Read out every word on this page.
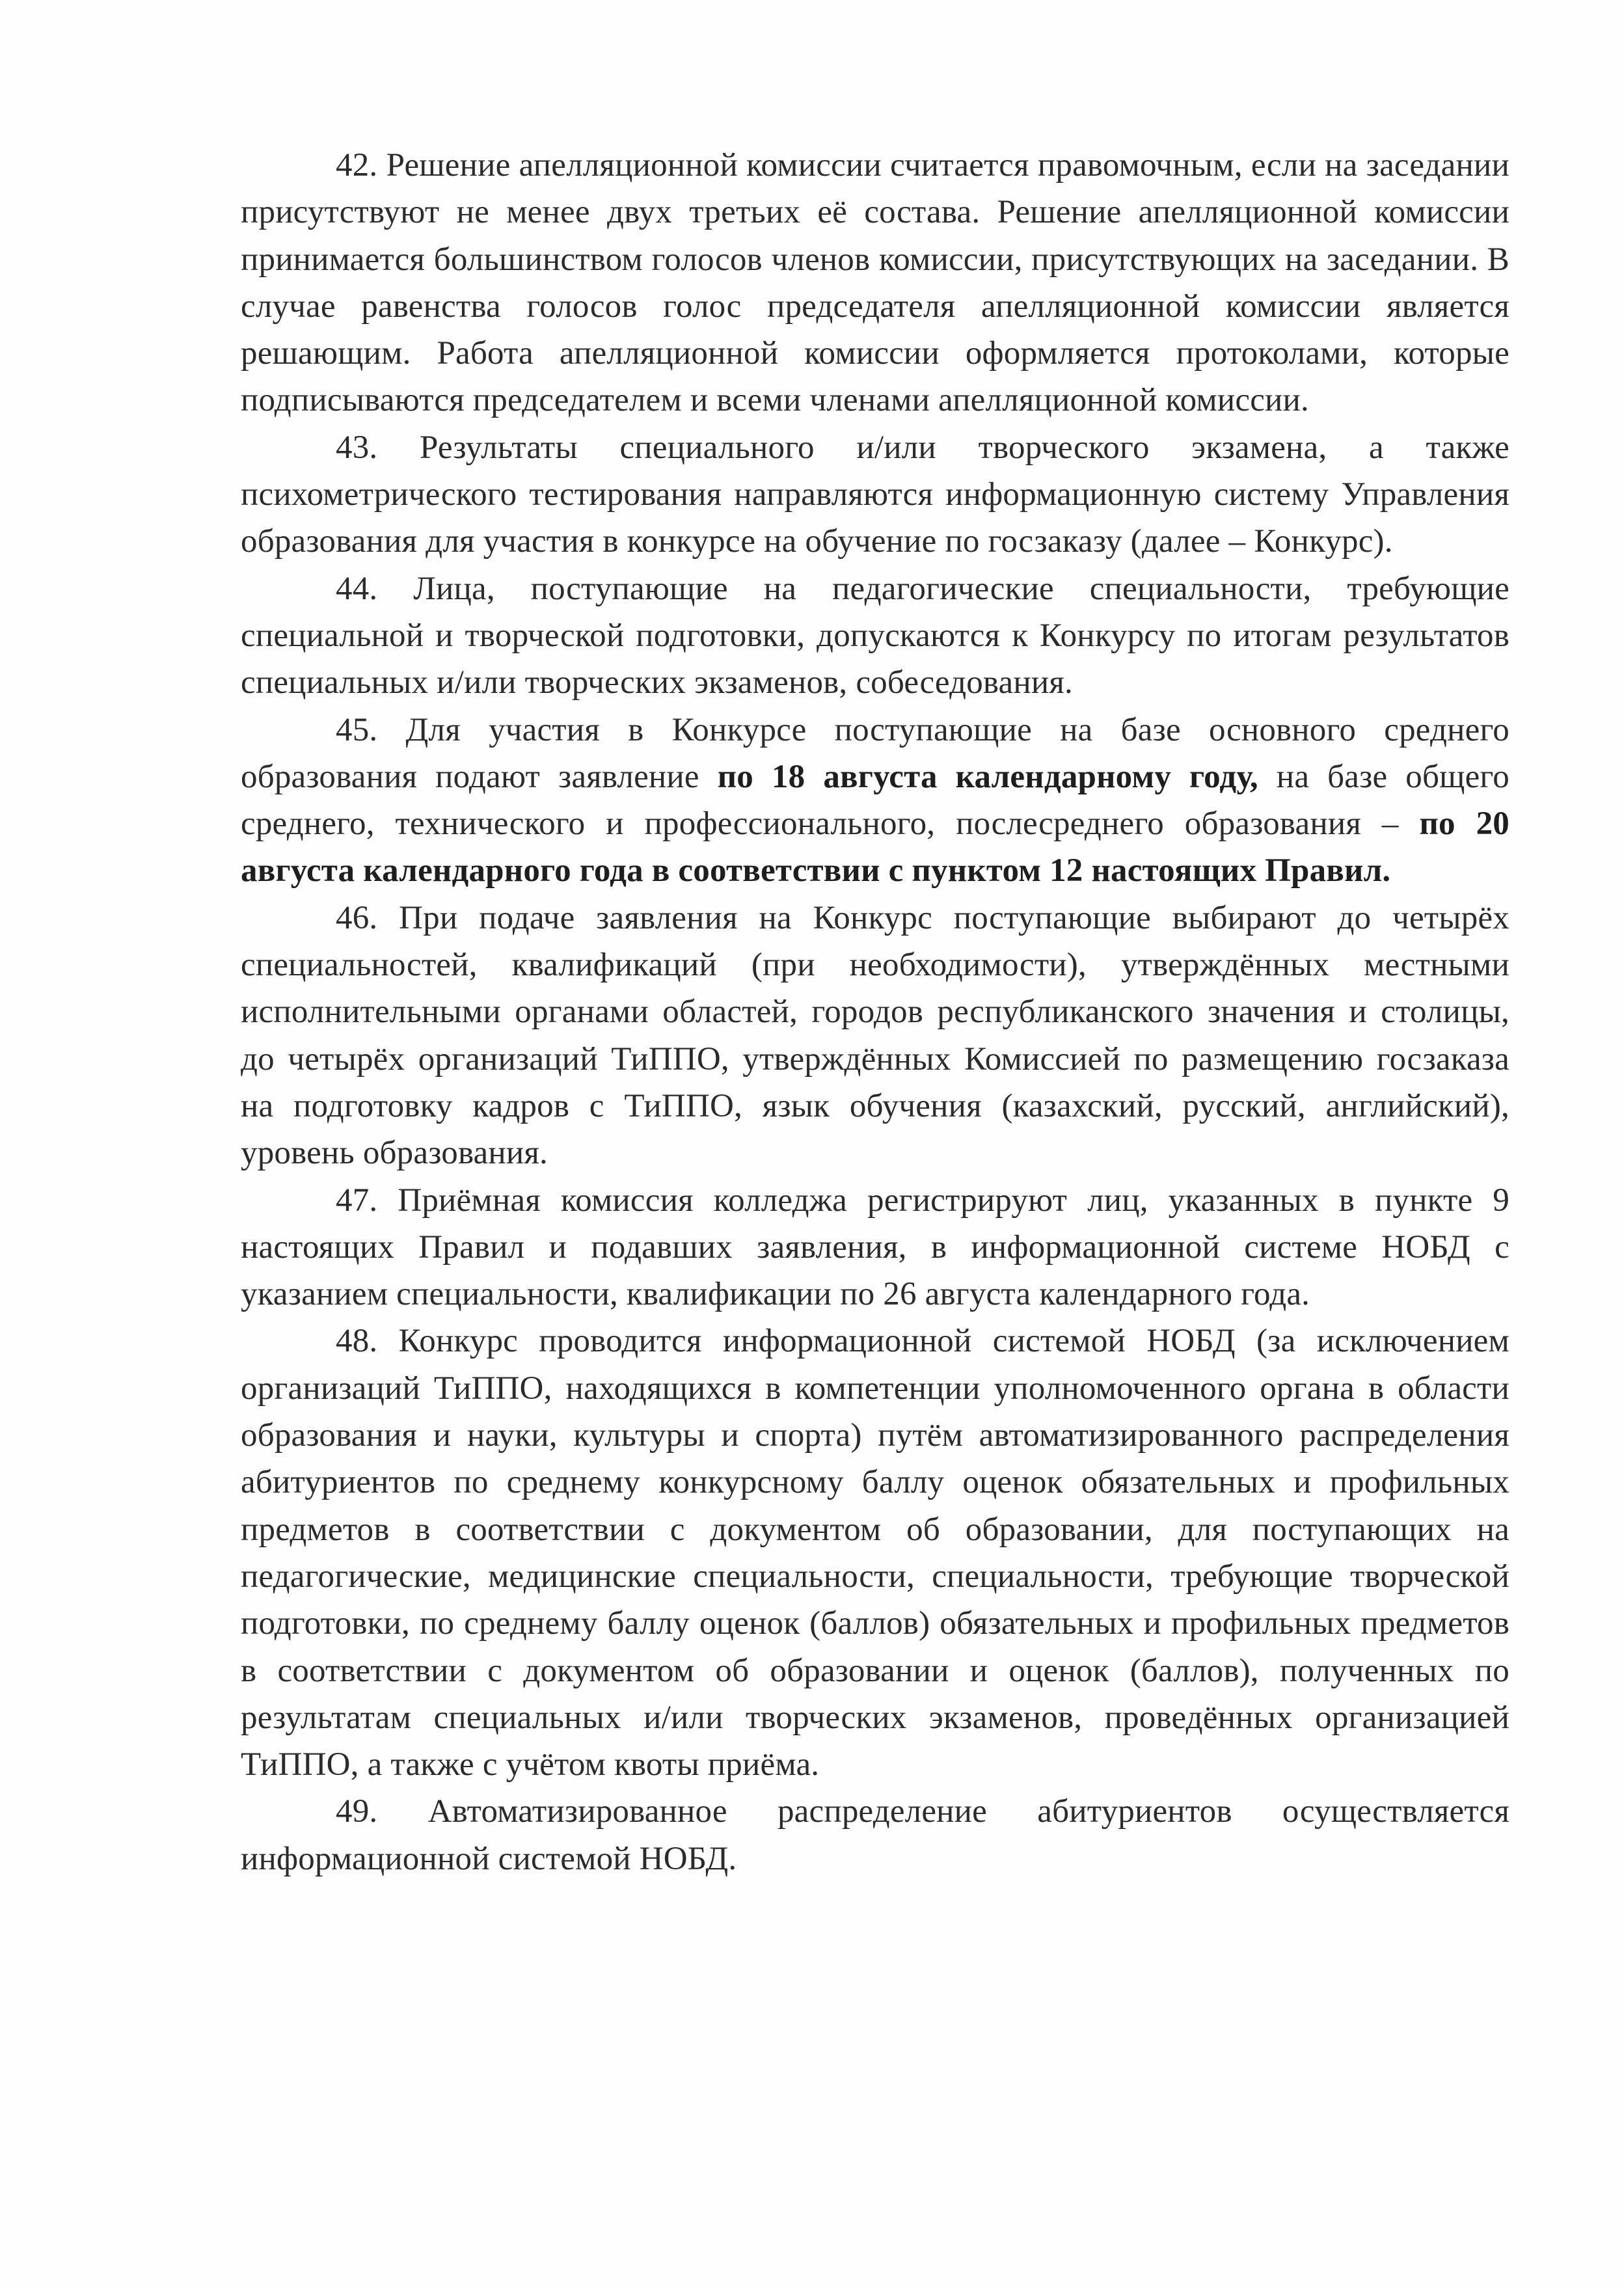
42. Решение апелляционной комиссии считается правомочным, если на заседании присутствуют не менее двух третьих её состава. Решение апелляционной комиссии принимается большинством голосов членов комиссии, присутствующих на заседании. В случае равенства голосов голос председателя апелляционной комиссии является решающим. Работа апелляционной комиссии оформляется протоколами, которые подписываются председателем и всеми членами апелляционной комиссии.

43. Результаты специального и/или творческого экзамена, а также психометрического тестирования направляются информационную систему Управления образования для участия в конкурсе на обучение по госзаказу (далее – Конкурс).

44. Лица, поступающие на педагогические специальности, требующие специальной и творческой подготовки, допускаются к Конкурсу по итогам результатов специальных и/или творческих экзаменов, собеседования.

45. Для участия в Конкурсе поступающие на базе основного среднего образования подают заявление по 18 августа календарному году, на базе общего среднего, технического и профессионального, послесреднего образования – по 20 августа календарного года в соответствии с пунктом 12 настоящих Правил.

46. При подаче заявления на Конкурс поступающие выбирают до четырёх специальностей, квалификаций (при необходимости), утверждённых местными исполнительными органами областей, городов республиканского значения и столицы, до четырёх организаций ТиППО, утверждённых Комиссией по размещению госзаказа на подготовку кадров с ТиППО, язык обучения (казахский, русский, английский), уровень образования.

47. Приёмная комиссия колледжа регистрируют лиц, указанных в пункте 9 настоящих Правил и подавших заявления, в информационной системе НОБД с указанием специальности, квалификации по 26 августа календарного года.

48. Конкурс проводится информационной системой НОБД (за исключением организаций ТиППО, находящихся в компетенции уполномоченного органа в области образования и науки, культуры и спорта) путём автоматизированного распределения абитуриентов по среднему конкурсному баллу оценок обязательных и профильных предметов в соответствии с документом об образовании, для поступающих на педагогические, медицинские специальности, специальности, требующие творческой подготовки, по среднему баллу оценок (баллов) обязательных и профильных предметов в соответствии с документом об образовании и оценок (баллов), полученных по результатам специальных и/или творческих экзаменов, проведённых организацией ТиППО, а также с учётом квоты приёма.

49. Автоматизированное распределение абитуриентов осуществляется информационной системой НОБД.
